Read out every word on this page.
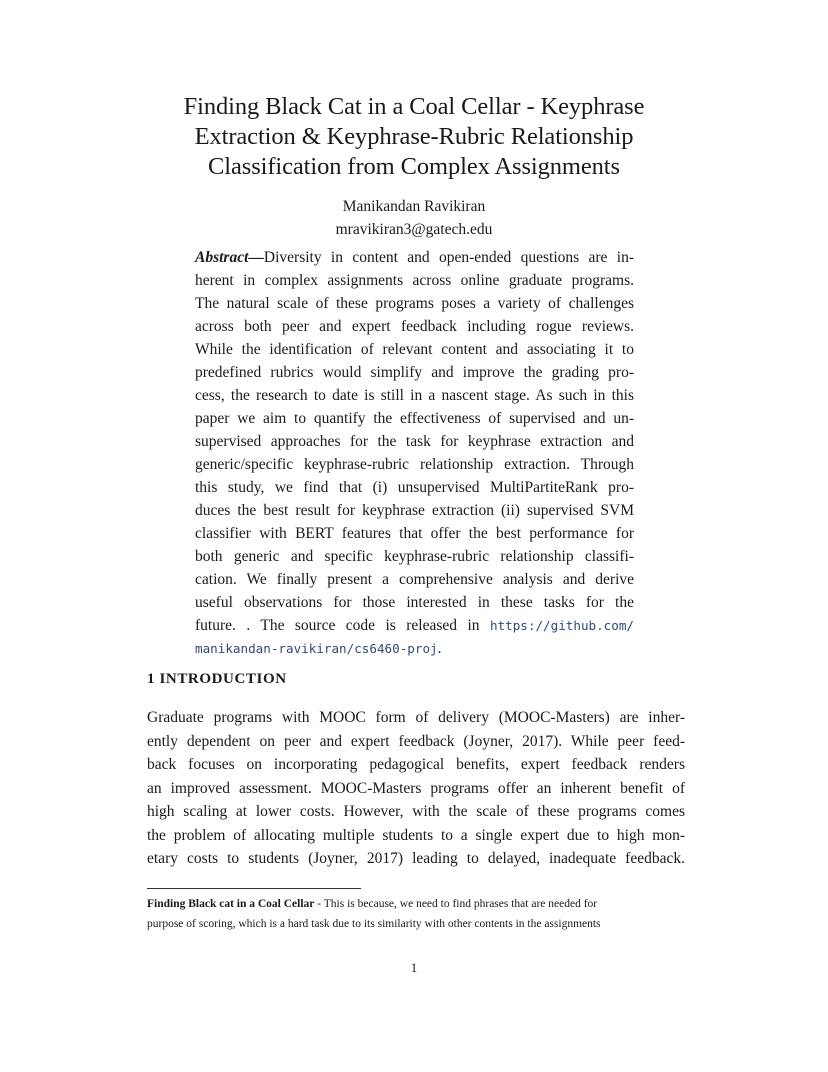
Finding Black Cat in a Coal Cellar - Keyphrase
Extraction & Keyphrase-Rubric Relationship
Classification from Complex Assignments
Manikandan Ravikiran
mravikiran3@gatech.edu
Abstract—Diversity in content and open-ended questions are in-
herent in complex assignments across online graduate programs.
The natural scale of these programs poses a variety of challenges
across both peer and expert feedback including rogue reviews.
While the identification of relevant content and associating it to
predefined rubrics would simplify and improve the grading pro-
cess, the research to date is still in a nascent stage. As such in this
paper we aim to quantify the effectiveness of supervised and un-
supervised approaches for the task for keyphrase extraction and
generic/specific keyphrase-rubric relationship extraction. Through
this study, we find that (i) unsupervised MultiPartiteRank pro-
duces the best result for keyphrase extraction (ii) supervised SVM
classifier with BERT features that offer the best performance for
both generic and specific keyphrase-rubric relationship classifi-
cation. We finally present a comprehensive analysis and derive
useful observations for those interested in these tasks for the
future. . The source code is released in https://github.com/
manikandan-ravikiran/cs6460-proj.
1 INTRODUCTION
Graduate programs with MOOC form of delivery (MOOC-Masters) are inher-
ently dependent on peer and expert feedback (Joyner, 2017). While peer feed-
back focuses on incorporating pedagogical benefits, expert feedback renders
an improved assessment. MOOC-Masters programs offer an inherent benefit of
high scaling at lower costs. However, with the scale of these programs comes
the problem of allocating multiple students to a single expert due to high mon-
etary costs to students (Joyner, 2017) leading to delayed, inadequate feedback.
Finding Black cat in a Coal Cellar - This is because, we need to find phrases that are needed for
purpose of scoring, which is a hard task due to its similarity with other contents in the assignments
1
